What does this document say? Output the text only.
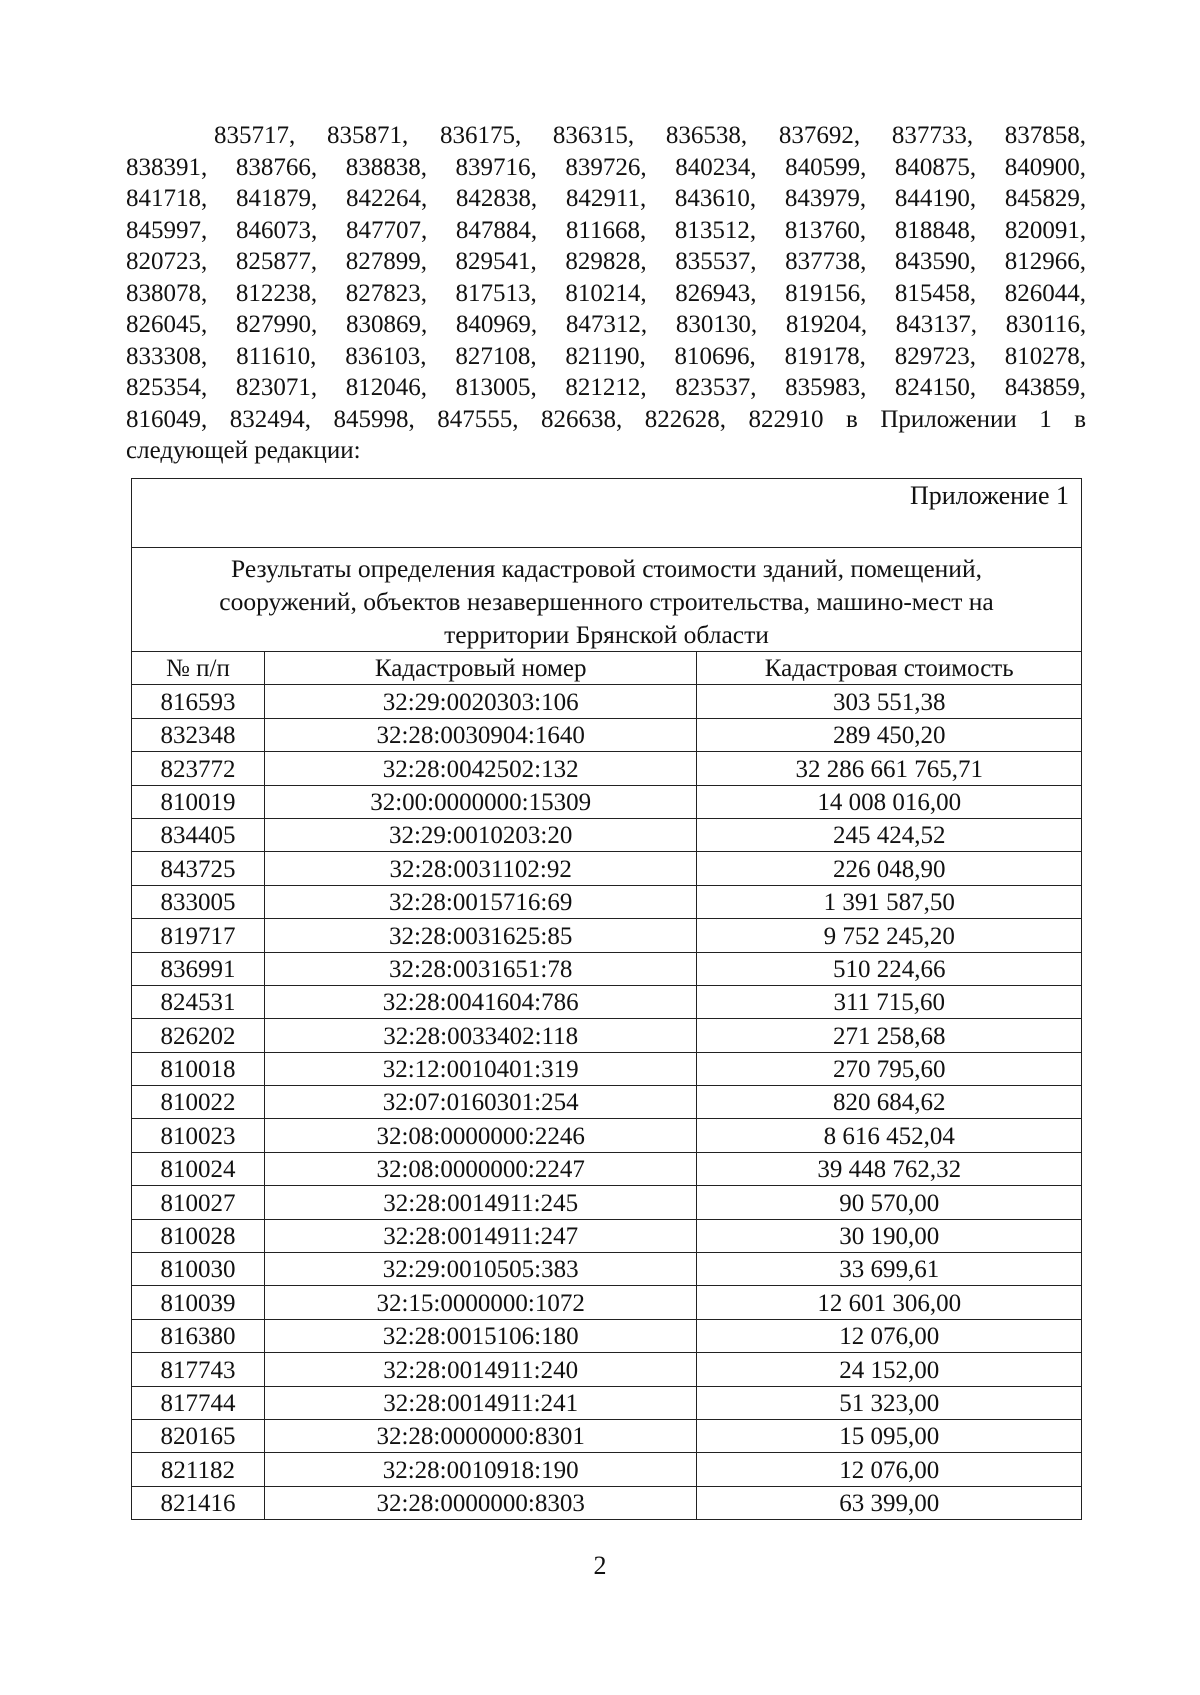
835717, 835871, 836175, 836315, 836538, 837692, 837733, 837858,
838391, 838766, 838838, 839716, 839726, 840234, 840599, 840875, 840900,
841718, 841879, 842264, 842838, 842911, 843610, 843979, 844190, 845829,
845997, 846073, 847707, 847884, 811668, 813512, 813760, 818848, 820091,
820723, 825877, 827899, 829541, 829828, 835537, 837738, 843590, 812966,
838078, 812238, 827823, 817513, 810214, 826943, 819156, 815458, 826044,
826045, 827990, 830869, 840969, 847312, 830130, 819204, 843137, 830116,
833308, 811610, 836103, 827108, 821190, 810696, 819178, 829723, 810278,
825354, 823071, 812046, 813005, 821212, 823537, 835983, 824150, 843859,
816049, 832494, 845998, 847555, 826638, 822628, 822910 в Приложении 1 в
следующей редакции:
Приложение 1		
Результаты определения кадастровой стоимости зданий, помещений, сооружений, объектов незавершенного строительства, машино-мест на территории Брянской области		
№ п/п	Кадастровый номер	Кадастровая стоимость
816593	32:29:0020303:106	303 551,38
832348	32:28:0030904:1640	289 450,20
823772	32:28:0042502:132	32 286 661 765,71
810019	32:00:0000000:15309	14 008 016,00
834405	32:29:0010203:20	245 424,52
843725	32:28:0031102:92	226 048,90
833005	32:28:0015716:69	1 391 587,50
819717	32:28:0031625:85	9 752 245,20
836991	32:28:0031651:78	510 224,66
824531	32:28:0041604:786	311 715,60
826202	32:28:0033402:118	271 258,68
810018	32:12:0010401:319	270 795,60
810022	32:07:0160301:254	820 684,62
810023	32:08:0000000:2246	8 616 452,04
810024	32:08:0000000:2247	39 448 762,32
810027	32:28:0014911:245	90 570,00
810028	32:28:0014911:247	30 190,00
810030	32:29:0010505:383	33 699,61
810039	32:15:0000000:1072	12 601 306,00
816380	32:28:0015106:180	12 076,00
817743	32:28:0014911:240	24 152,00
817744	32:28:0014911:241	51 323,00
820165	32:28:0000000:8301	15 095,00
821182	32:28:0010918:190	12 076,00
821416	32:28:0000000:8303	63 399,00
2
